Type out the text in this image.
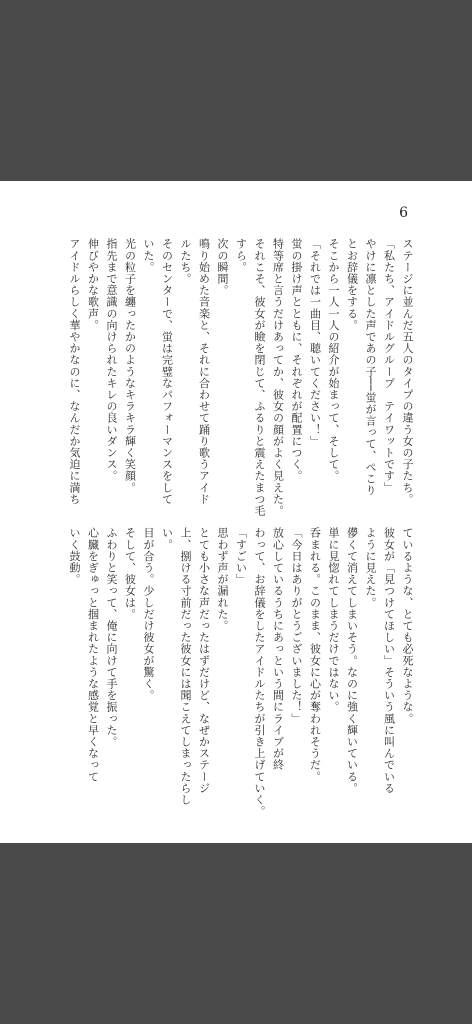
6
ステージに並んだ五人のタイプの違う女の子たち。
「私たち、アイドルグループ　テイワットです」
やけに凛とした声であの子──蛍が言って、ぺこり
とお辞儀をする。
そこから一人一人の紹介が始まって、そして。
「それでは一曲目、聴いてください！」
蛍の掛け声とともに、それぞれが配置につく。
特等席と言うだけあってか、彼女の顔がよく見えた。
それこそ、彼女が瞼を閉じて、ふるりと震えたまつ毛
すら。
次の瞬間。
鳴り始めた音楽と、それに合わせて踊り歌うアイド
ルたち。
そのセンターで、蛍は完璧なパフォーマンスをして
いた。
光の粒子を纏ったかのようなキラキラ輝く笑顔。
指先まで意識の向けられたキレの良いダンス。
伸びやかな歌声。
アイドルらしく華やかなのに、なんだか気迫に満ち
ているような、とても必死なような。
彼女が「見つけてほしい」そういう風に叫んでいる
ように見えた。
儚くて消えてしまいそう。なのに強く輝いている。
単に見惚れてしまうだけではない。
呑まれる。このまま、彼女に心が奪われそうだ。
「今日はありがとうございました！」
放心しているうちにあっという間にライブが終
わって、お辞儀をしたアイドルたちが引き上げていく。
「すごい」
思わず声が漏れた。
とても小さな声だったはずだけど、なぜかステージ
上、捌ける寸前だった彼女には聞こえてしまったらし
い。
目が合う。少しだけ彼女が驚く。
そして、彼女は。
ふわりと笑って、俺に向けて手を振った。
心臓をぎゅっと掴まれたような感覚と早くなって
いく鼓動。
